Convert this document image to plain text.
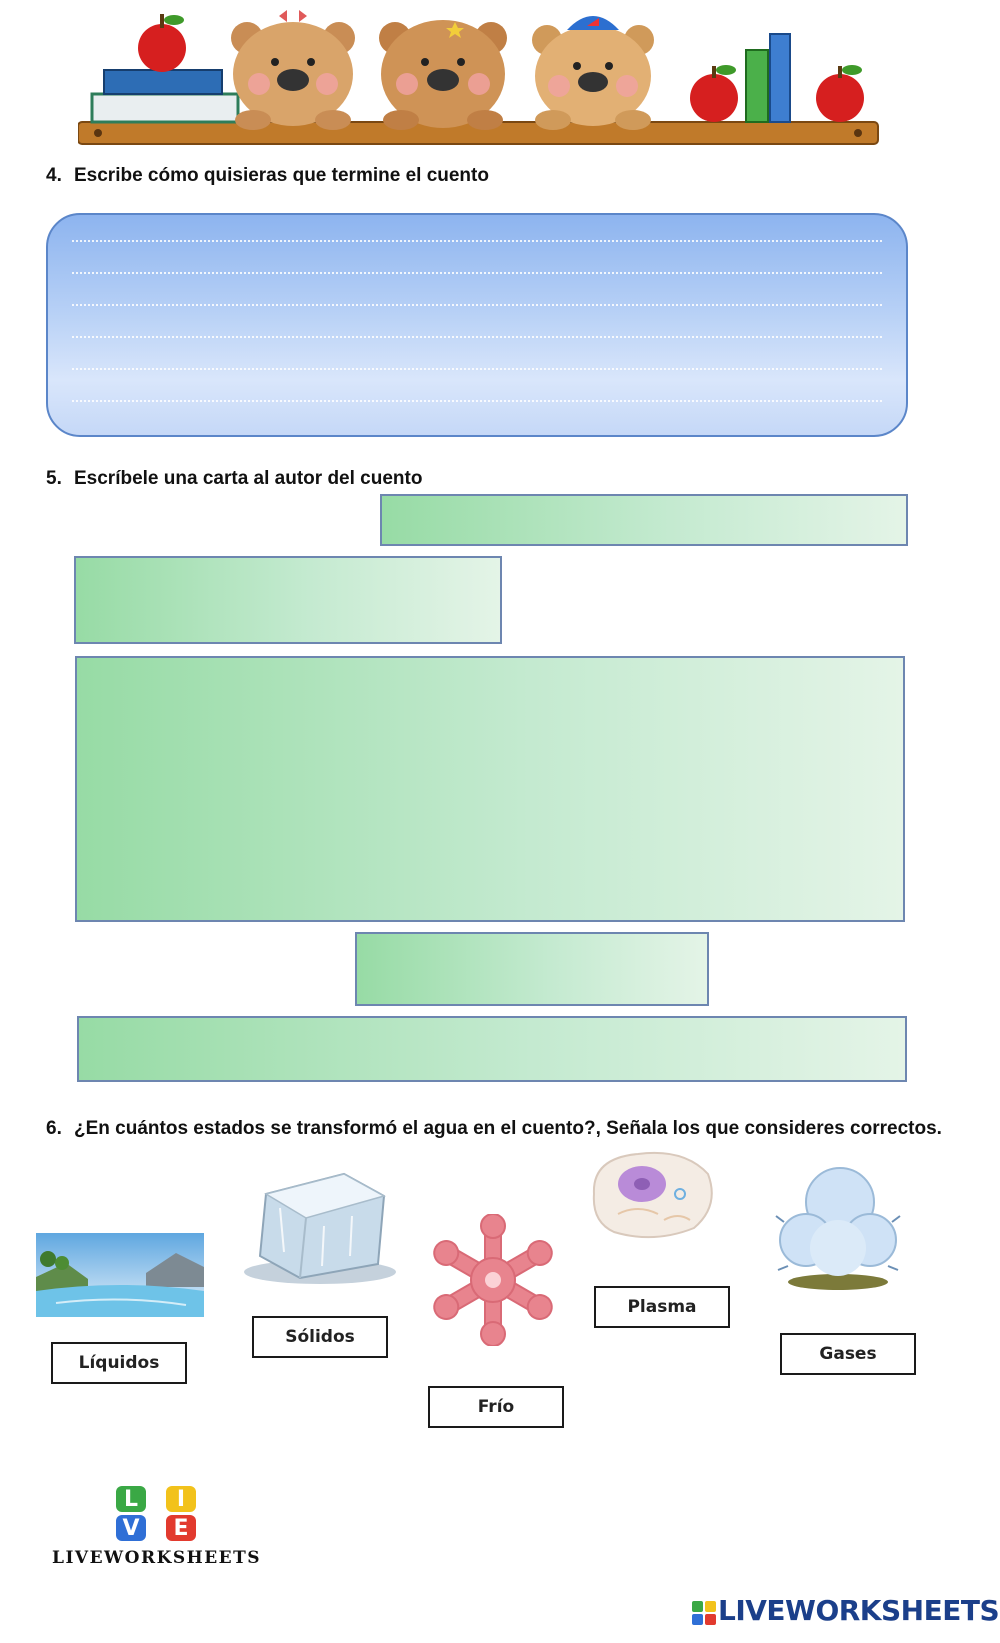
4. Escribe cómo quisieras que termine el cuento
5. Escríbele una carta al autor del cuento
6. ¿En cuántos estados se transformó el agua en el cuento?, Señala los que consideres correctos.
Líquidos
Sólidos
Frío
Plasma
Gases
L	I
V	E
LIVEWORKSHEETS
LIVEWORKSHEETS
